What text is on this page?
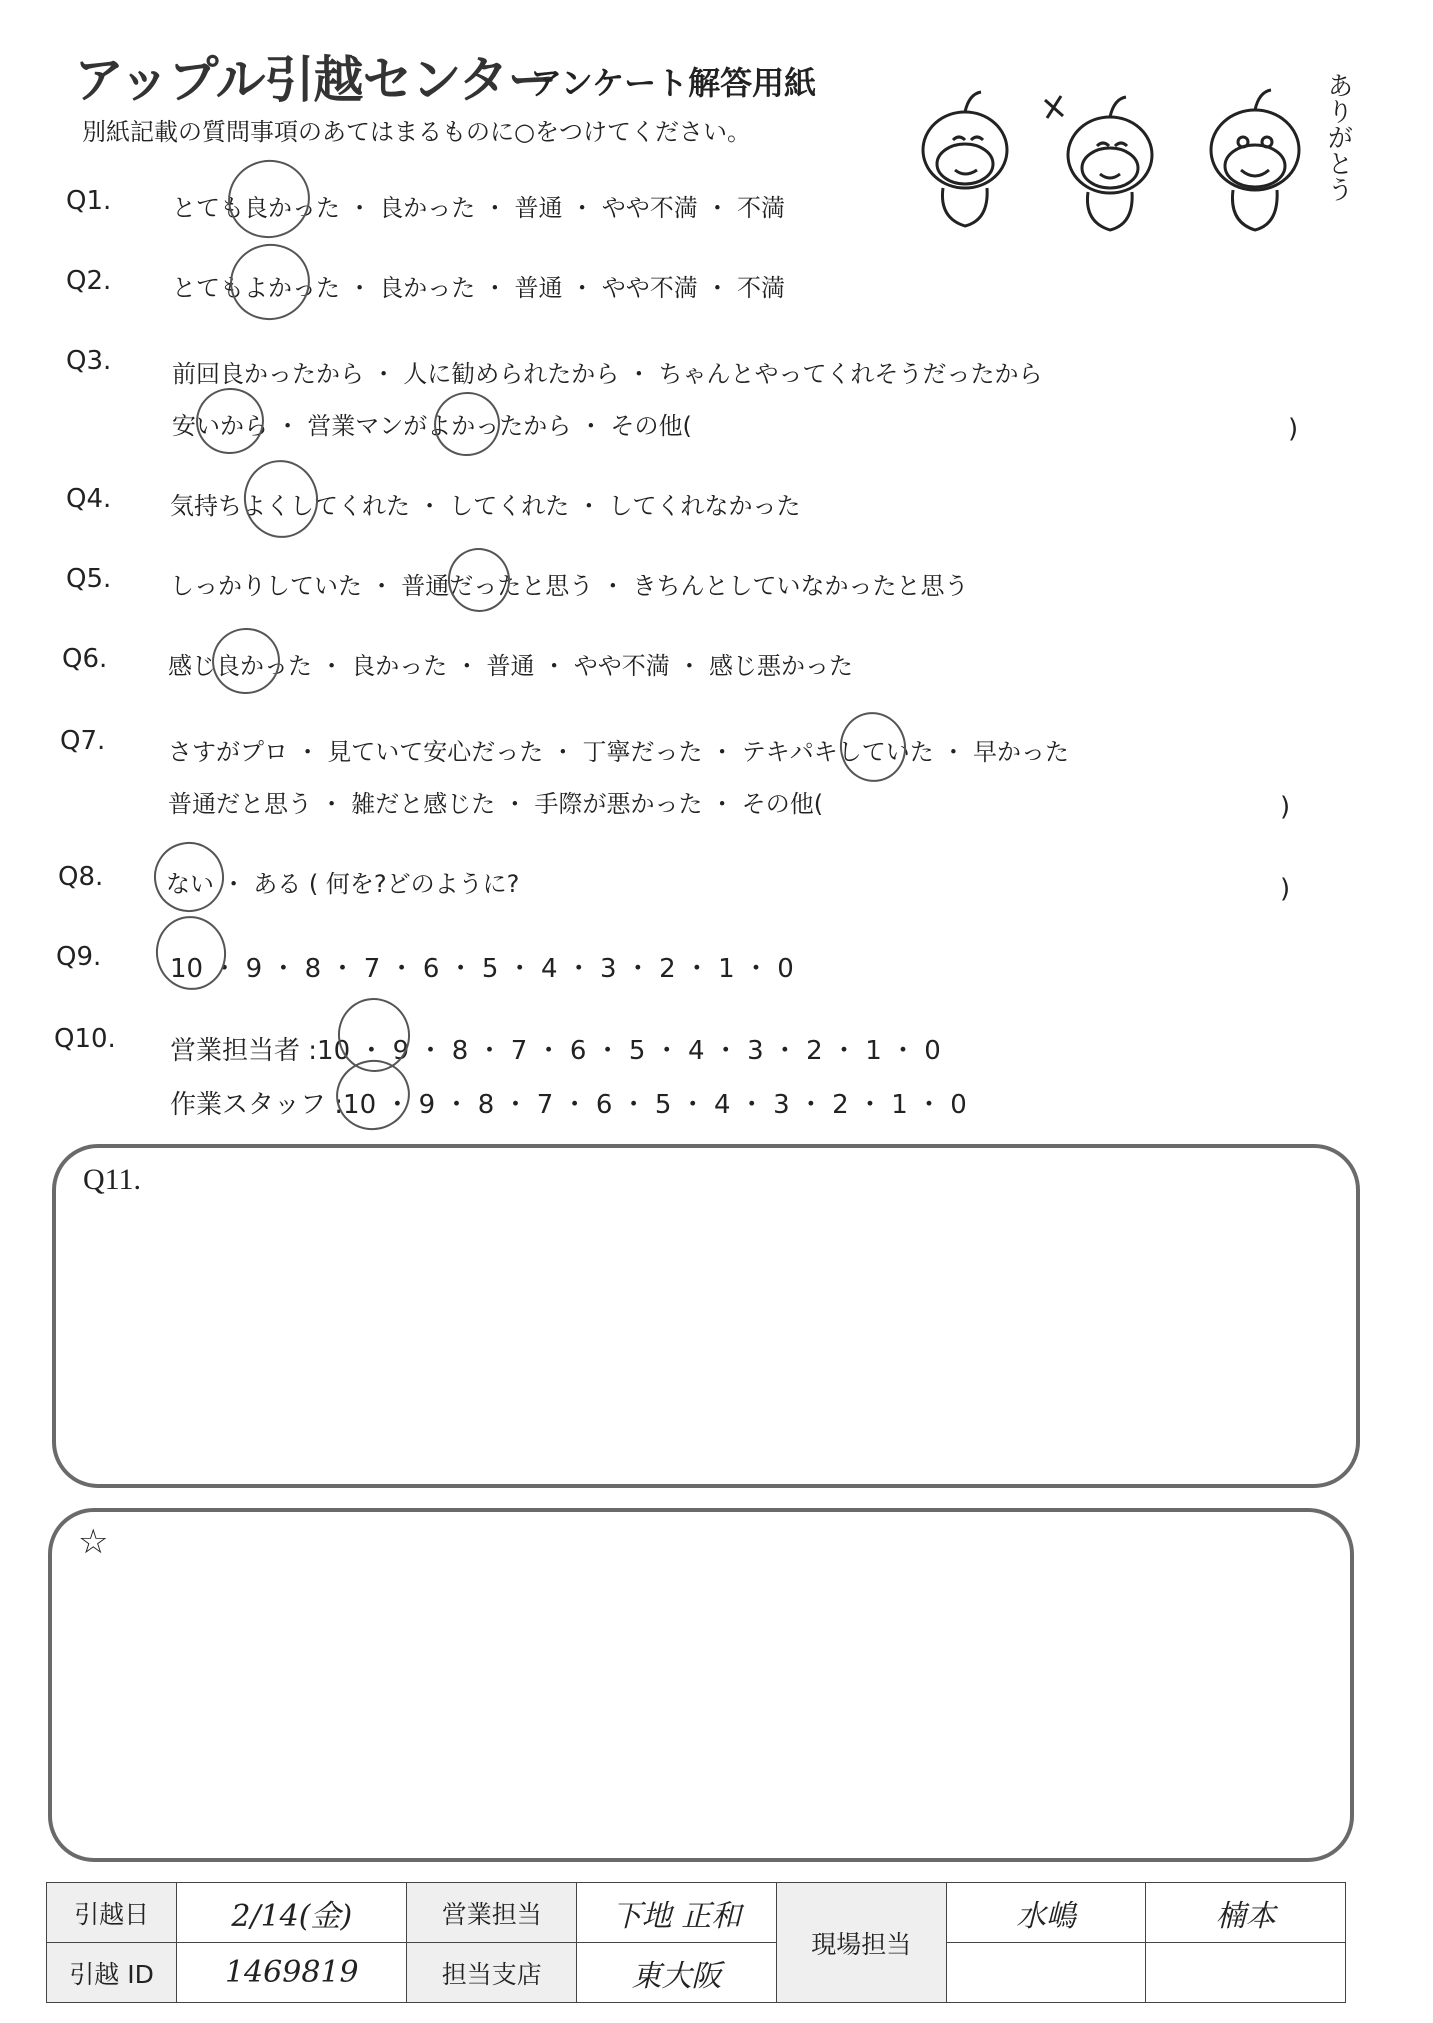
アップル引越センター
アンケート解答用紙
別紙記載の質問事項のあてはまるものに○をつけてください。	ありがとう
Q1.	とても良かった ・ 良かった ・ 普通 ・ やや不満 ・ 不満
Q2.	とてもよかった ・ 良かった ・ 普通 ・ やや不満 ・ 不満
Q3.	前回良かったから ・ 人に勧められたから ・ ちゃんとやってくれそうだったから
安いから ・ 営業マンがよかったから ・ その他(	)
Q4. 気持ちよくしてくれた ・ してくれた ・ してくれなかった
Q5. しっかりしていた ・ 普通だったと思う ・ きちんとしていなかったと思う
Q6.	感じ良かった ・ 良かった ・ 普通 ・ やや不満 ・ 感じ悪かった
Q7.	さすがプロ ・ 見ていて安心だった ・ 丁寧だった ・ テキパキしていた ・ 早かった
普通だと思う ・ 雑だと感じた ・ 手際が悪かった ・ その他(	)
Q8.	ない ・ ある ( 何を?どのように?	)
Q9.	10 ・ 9 ・ 8 ・ 7 ・ 6 ・ 5 ・ 4 ・ 3 ・ 2 ・ 1 ・ 0
Q10. 営業担当者 :10 ・ 9 ・ 8 ・ 7 ・ 6 ・ 5 ・ 4 ・ 3 ・ 2 ・ 1 ・ 0
作業スタッフ :10 ・ 9 ・ 8 ・ 7 ・ 6 ・ 5 ・ 4 ・ 3 ・ 2 ・ 1 ・ 0
Q11.
☆
引越日	2/14(金)	営業担当	下地 正和	現場担当	水嶋	楠本
引越 ID	1469819	担当支店	東大阪			
